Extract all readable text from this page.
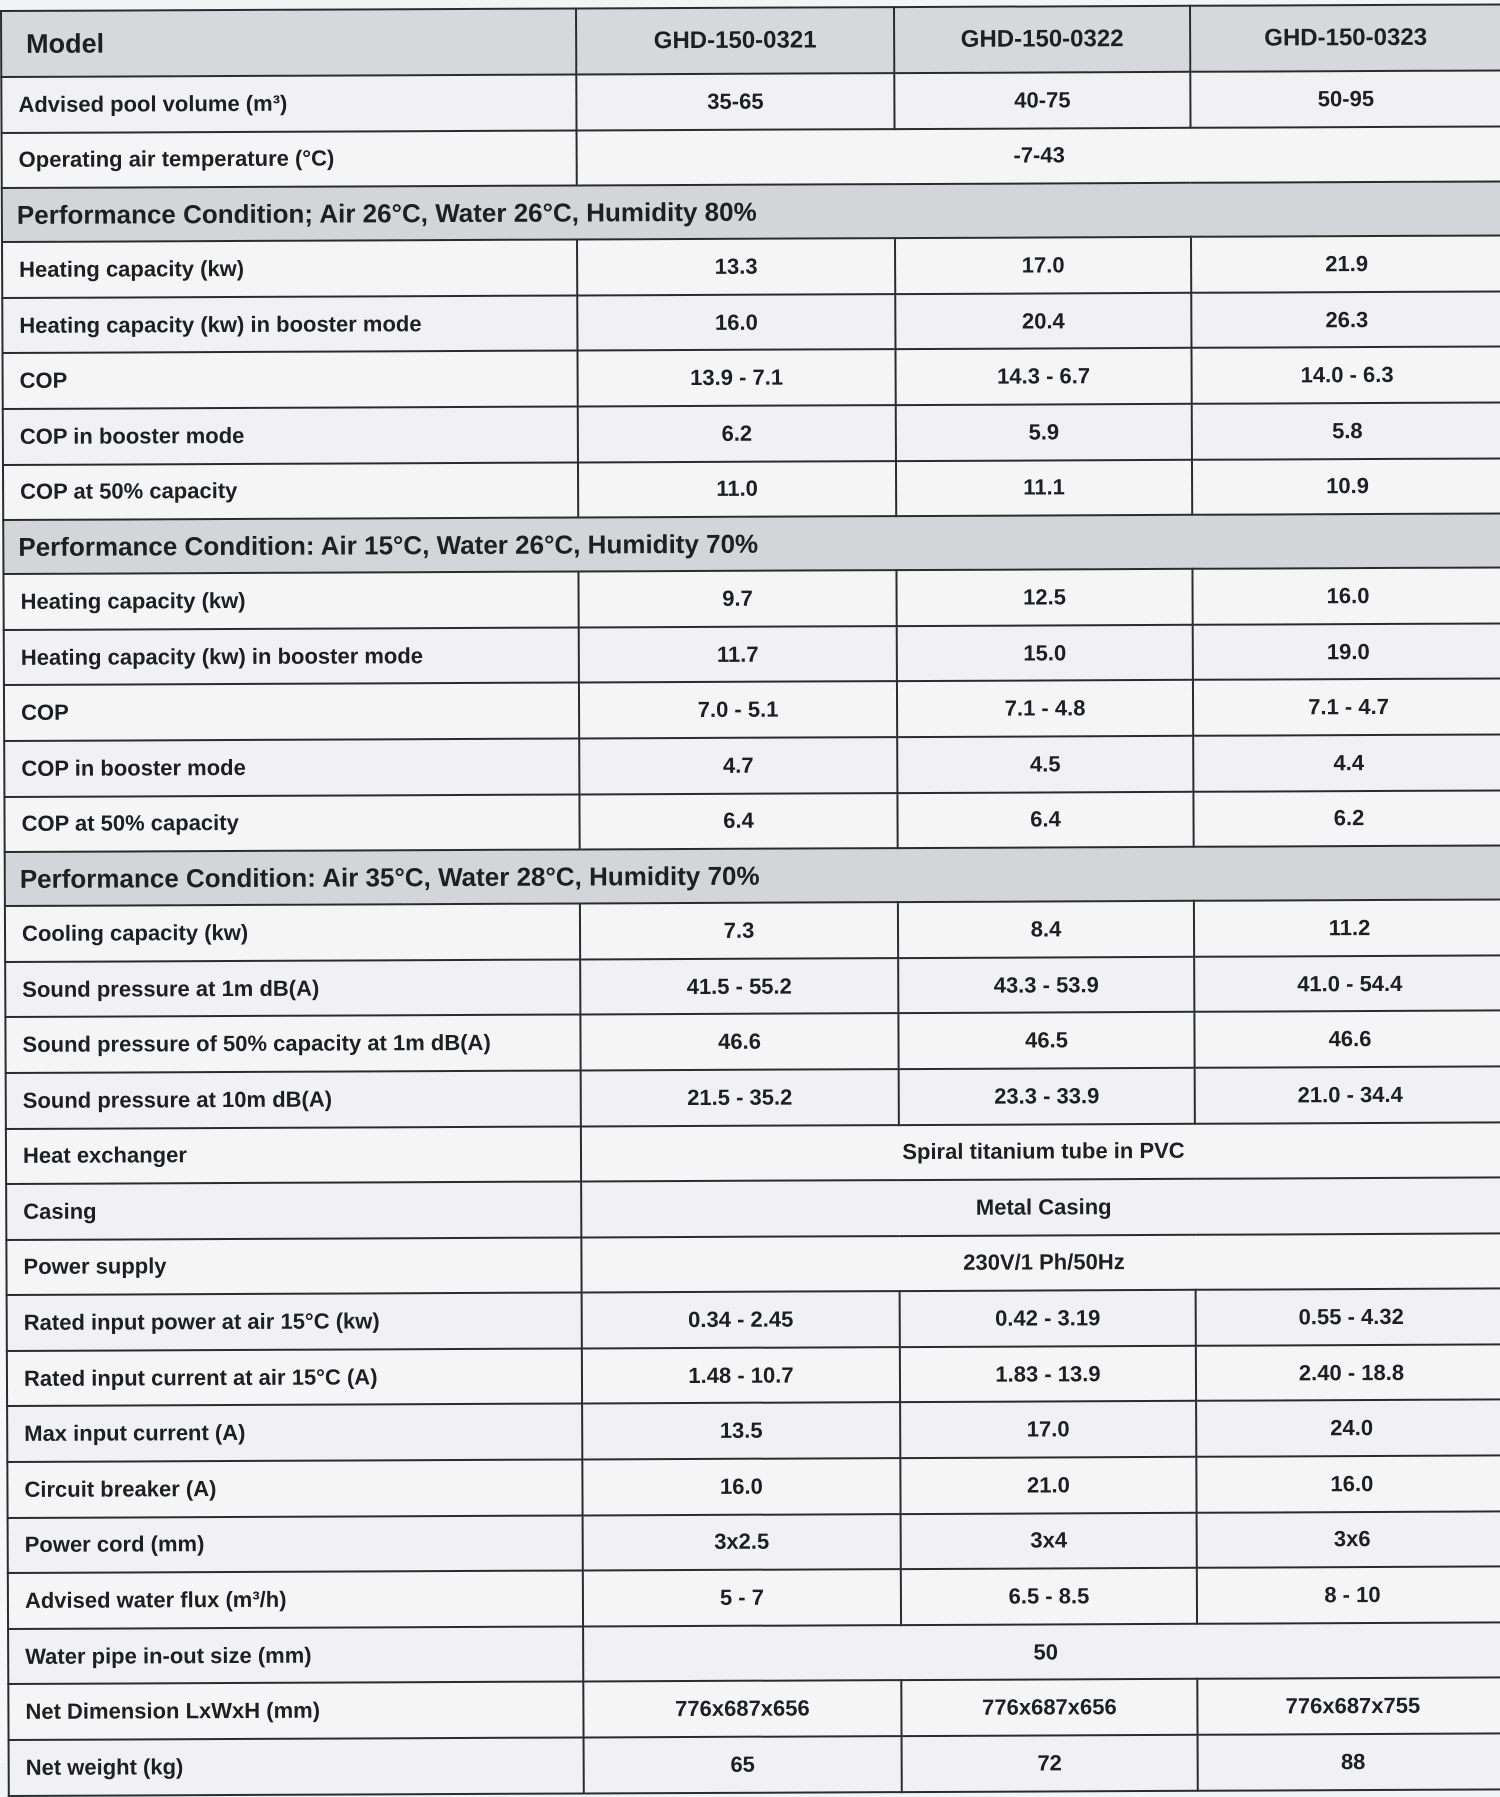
Model	GHD-150-0321	GHD-150-0322	GHD-150-0323
Advised pool volume (m³)	35-65	40-75	50-95
Operating air temperature (°C)	-7-43		
Performance Condition; Air 26°C, Water 26°C, Humidity 80%			
Heating capacity (kw)	13.3	17.0	21.9
Heating capacity (kw) in booster mode	16.0	20.4	26.3
COP	13.9 - 7.1	14.3 - 6.7	14.0 - 6.3
COP in booster mode	6.2	5.9	5.8
COP at 50% capacity	11.0	11.1	10.9
Performance Condition: Air 15°C, Water 26°C, Humidity 70%			
Heating capacity (kw)	9.7	12.5	16.0
Heating capacity (kw) in booster mode	11.7	15.0	19.0
COP	7.0 - 5.1	7.1 - 4.8	7.1 - 4.7
COP in booster mode	4.7	4.5	4.4
COP at 50% capacity	6.4	6.4	6.2
Performance Condition: Air 35°C, Water 28°C, Humidity 70%			
Cooling capacity (kw)	7.3	8.4	11.2
Sound pressure at 1m dB(A)	41.5 - 55.2	43.3 - 53.9	41.0 - 54.4
Sound pressure of 50% capacity at 1m dB(A)	46.6	46.5	46.6
Sound pressure at 10m dB(A)	21.5 - 35.2	23.3 - 33.9	21.0 - 34.4
Heat exchanger	Spiral titanium tube in PVC		
Casing	Metal Casing		
Power supply	230V/1 Ph/50Hz		
Rated input power at air 15°C (kw)	0.34 - 2.45	0.42 - 3.19	0.55 - 4.32
Rated input current at air 15°C (A)	1.48 - 10.7	1.83 - 13.9	2.40 - 18.8
Max input current (A)	13.5	17.0	24.0
Circuit breaker (A)	16.0	21.0	16.0
Power cord (mm)	3x2.5	3x4	3x6
Advised water flux (m³/h)	5 - 7	6.5 - 8.5	8 - 10
Water pipe in-out size (mm)	50		
Net Dimension LxWxH (mm)	776x687x656	776x687x656	776x687x755
Net weight (kg)	65	72	88
